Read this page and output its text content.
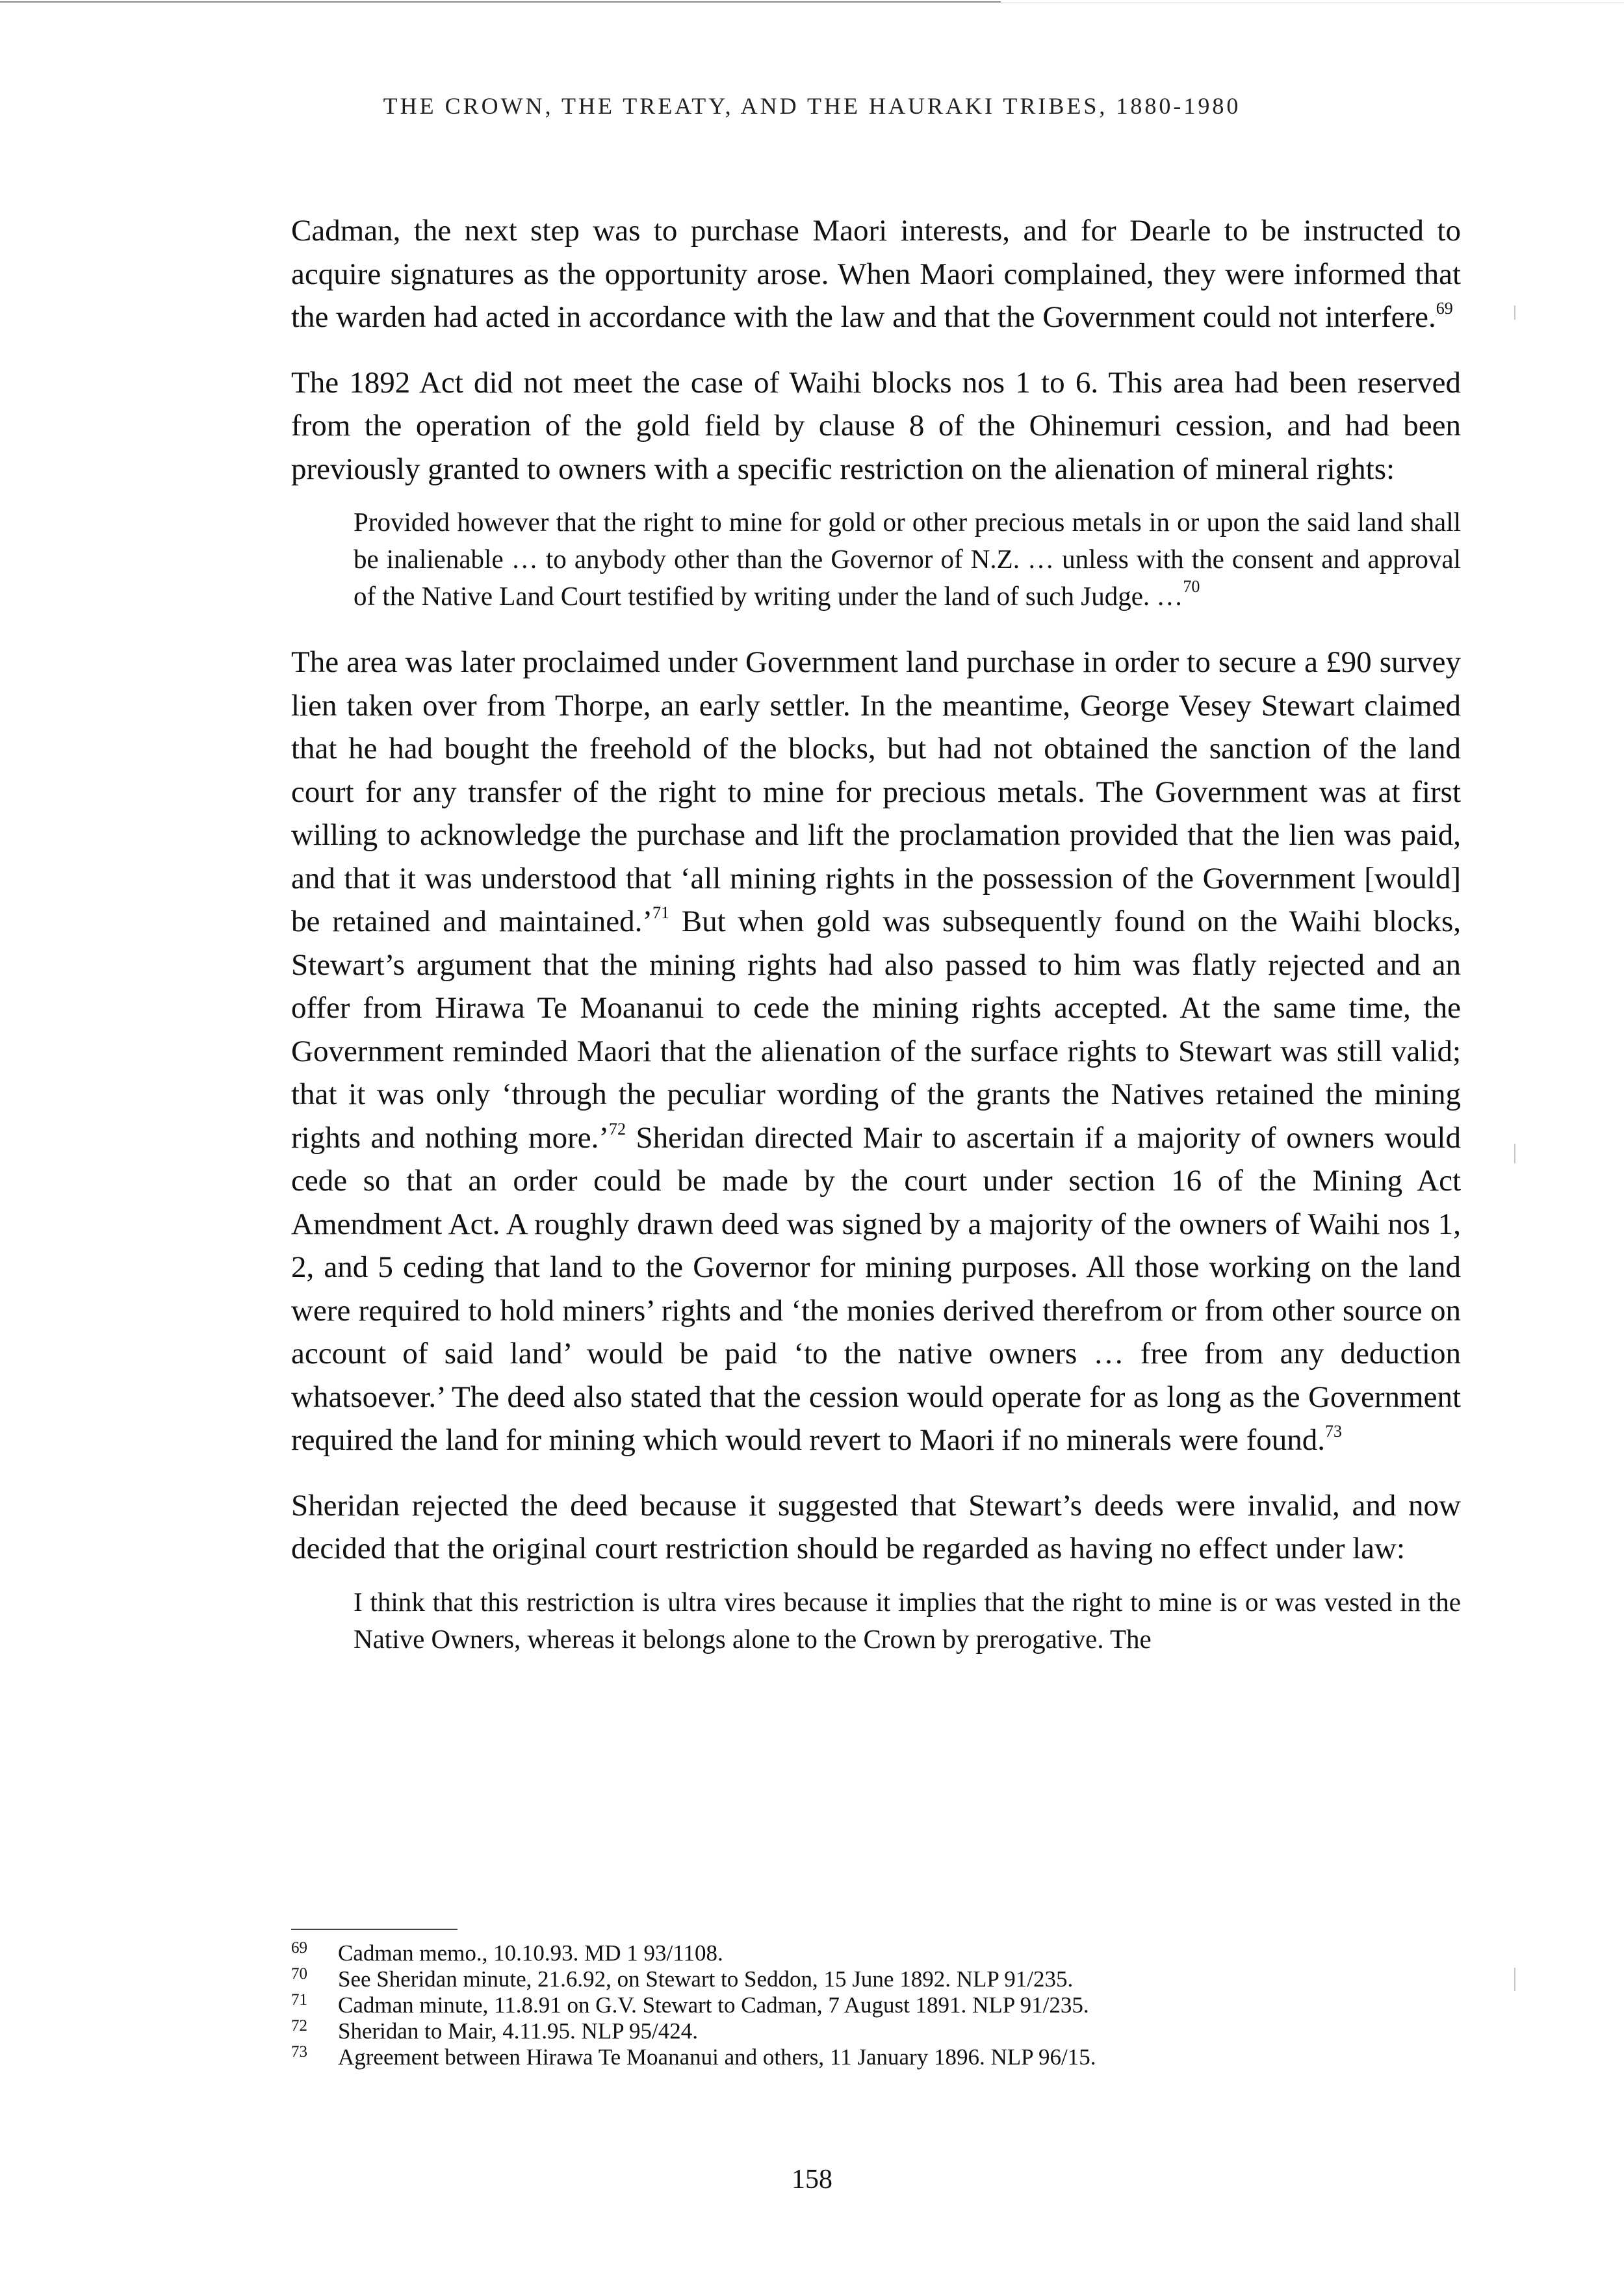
THE CROWN, THE TREATY, AND THE HAURAKI TRIBES, 1880-1980

Cadman, the next step was to purchase Maori interests, and for Dearle to be instructed to acquire signatures as the opportunity arose. When Maori complained, they were informed that the warden had acted in accordance with the law and that the Government could not interfere.$^{69}$

The 1892 Act did not meet the case of Waihi blocks nos 1 to 6. This area had been reserved from the operation of the gold field by clause 8 of the Ohinemuri cession, and had been previously granted to owners with a specific restriction on the alienation of mineral rights:

Provided however that the right to mine for gold or other precious metals in or upon the said land shall be inalienable … to anybody other than the Governor of N.Z. … unless with the consent and approval of the Native Land Court testified by writing under the land of such Judge. …$^{70}$

The area was later proclaimed under Government land purchase in order to secure a £90 survey lien taken over from Thorpe, an early settler. In the meantime, George Vesey Stewart claimed that he had bought the freehold of the blocks, but had not obtained the sanction of the land court for any transfer of the right to mine for precious metals. The Government was at first willing to acknowledge the purchase and lift the proclamation provided that the lien was paid, and that it was understood that ‘all mining rights in the possession of the Government [would] be retained and maintained.’$^{71}$ But when gold was subsequently found on the Waihi blocks, Stewart’s argument that the mining rights had also passed to him was flatly rejected and an offer from Hirawa Te Moananui to cede the mining rights accepted. At the same time, the Government reminded Maori that the alienation of the surface rights to Stewart was still valid; that it was only ‘through the peculiar wording of the grants the Natives retained the mining rights and nothing more.’$^{72}$ Sheridan directed Mair to ascertain if a majority of owners would cede so that an order could be made by the court under section 16 of the Mining Act Amendment Act. A roughly drawn deed was signed by a majority of the owners of Waihi nos 1, 2, and 5 ceding that land to the Governor for mining purposes. All those working on the land were required to hold miners’ rights and ‘the monies derived therefrom or from other source on account of said land’ would be paid ‘to the native owners … free from any deduction whatsoever.’ The deed also stated that the cession would operate for as long as the Government required the land for mining which would revert to Maori if no minerals were found.$^{73}$

Sheridan rejected the deed because it suggested that Stewart’s deeds were invalid, and now decided that the original court restriction should be regarded as having no effect under law:

I think that this restriction is ultra vires because it implies that the right to mine is or was vested in the Native Owners, whereas it belongs alone to the Crown by prerogative. The

69	Cadman memo., 10.10.93. MD 1 93/1108.
70	See Sheridan minute, 21.6.92, on Stewart to Seddon, 15 June 1892. NLP 91/235.
71	Cadman minute, 11.8.91 on G.V. Stewart to Cadman, 7 August 1891. NLP 91/235.
72	Sheridan to Mair, 4.11.95. NLP 95/424.
73	Agreement between Hirawa Te Moananui and others, 11 January 1896. NLP 96/15.
158
